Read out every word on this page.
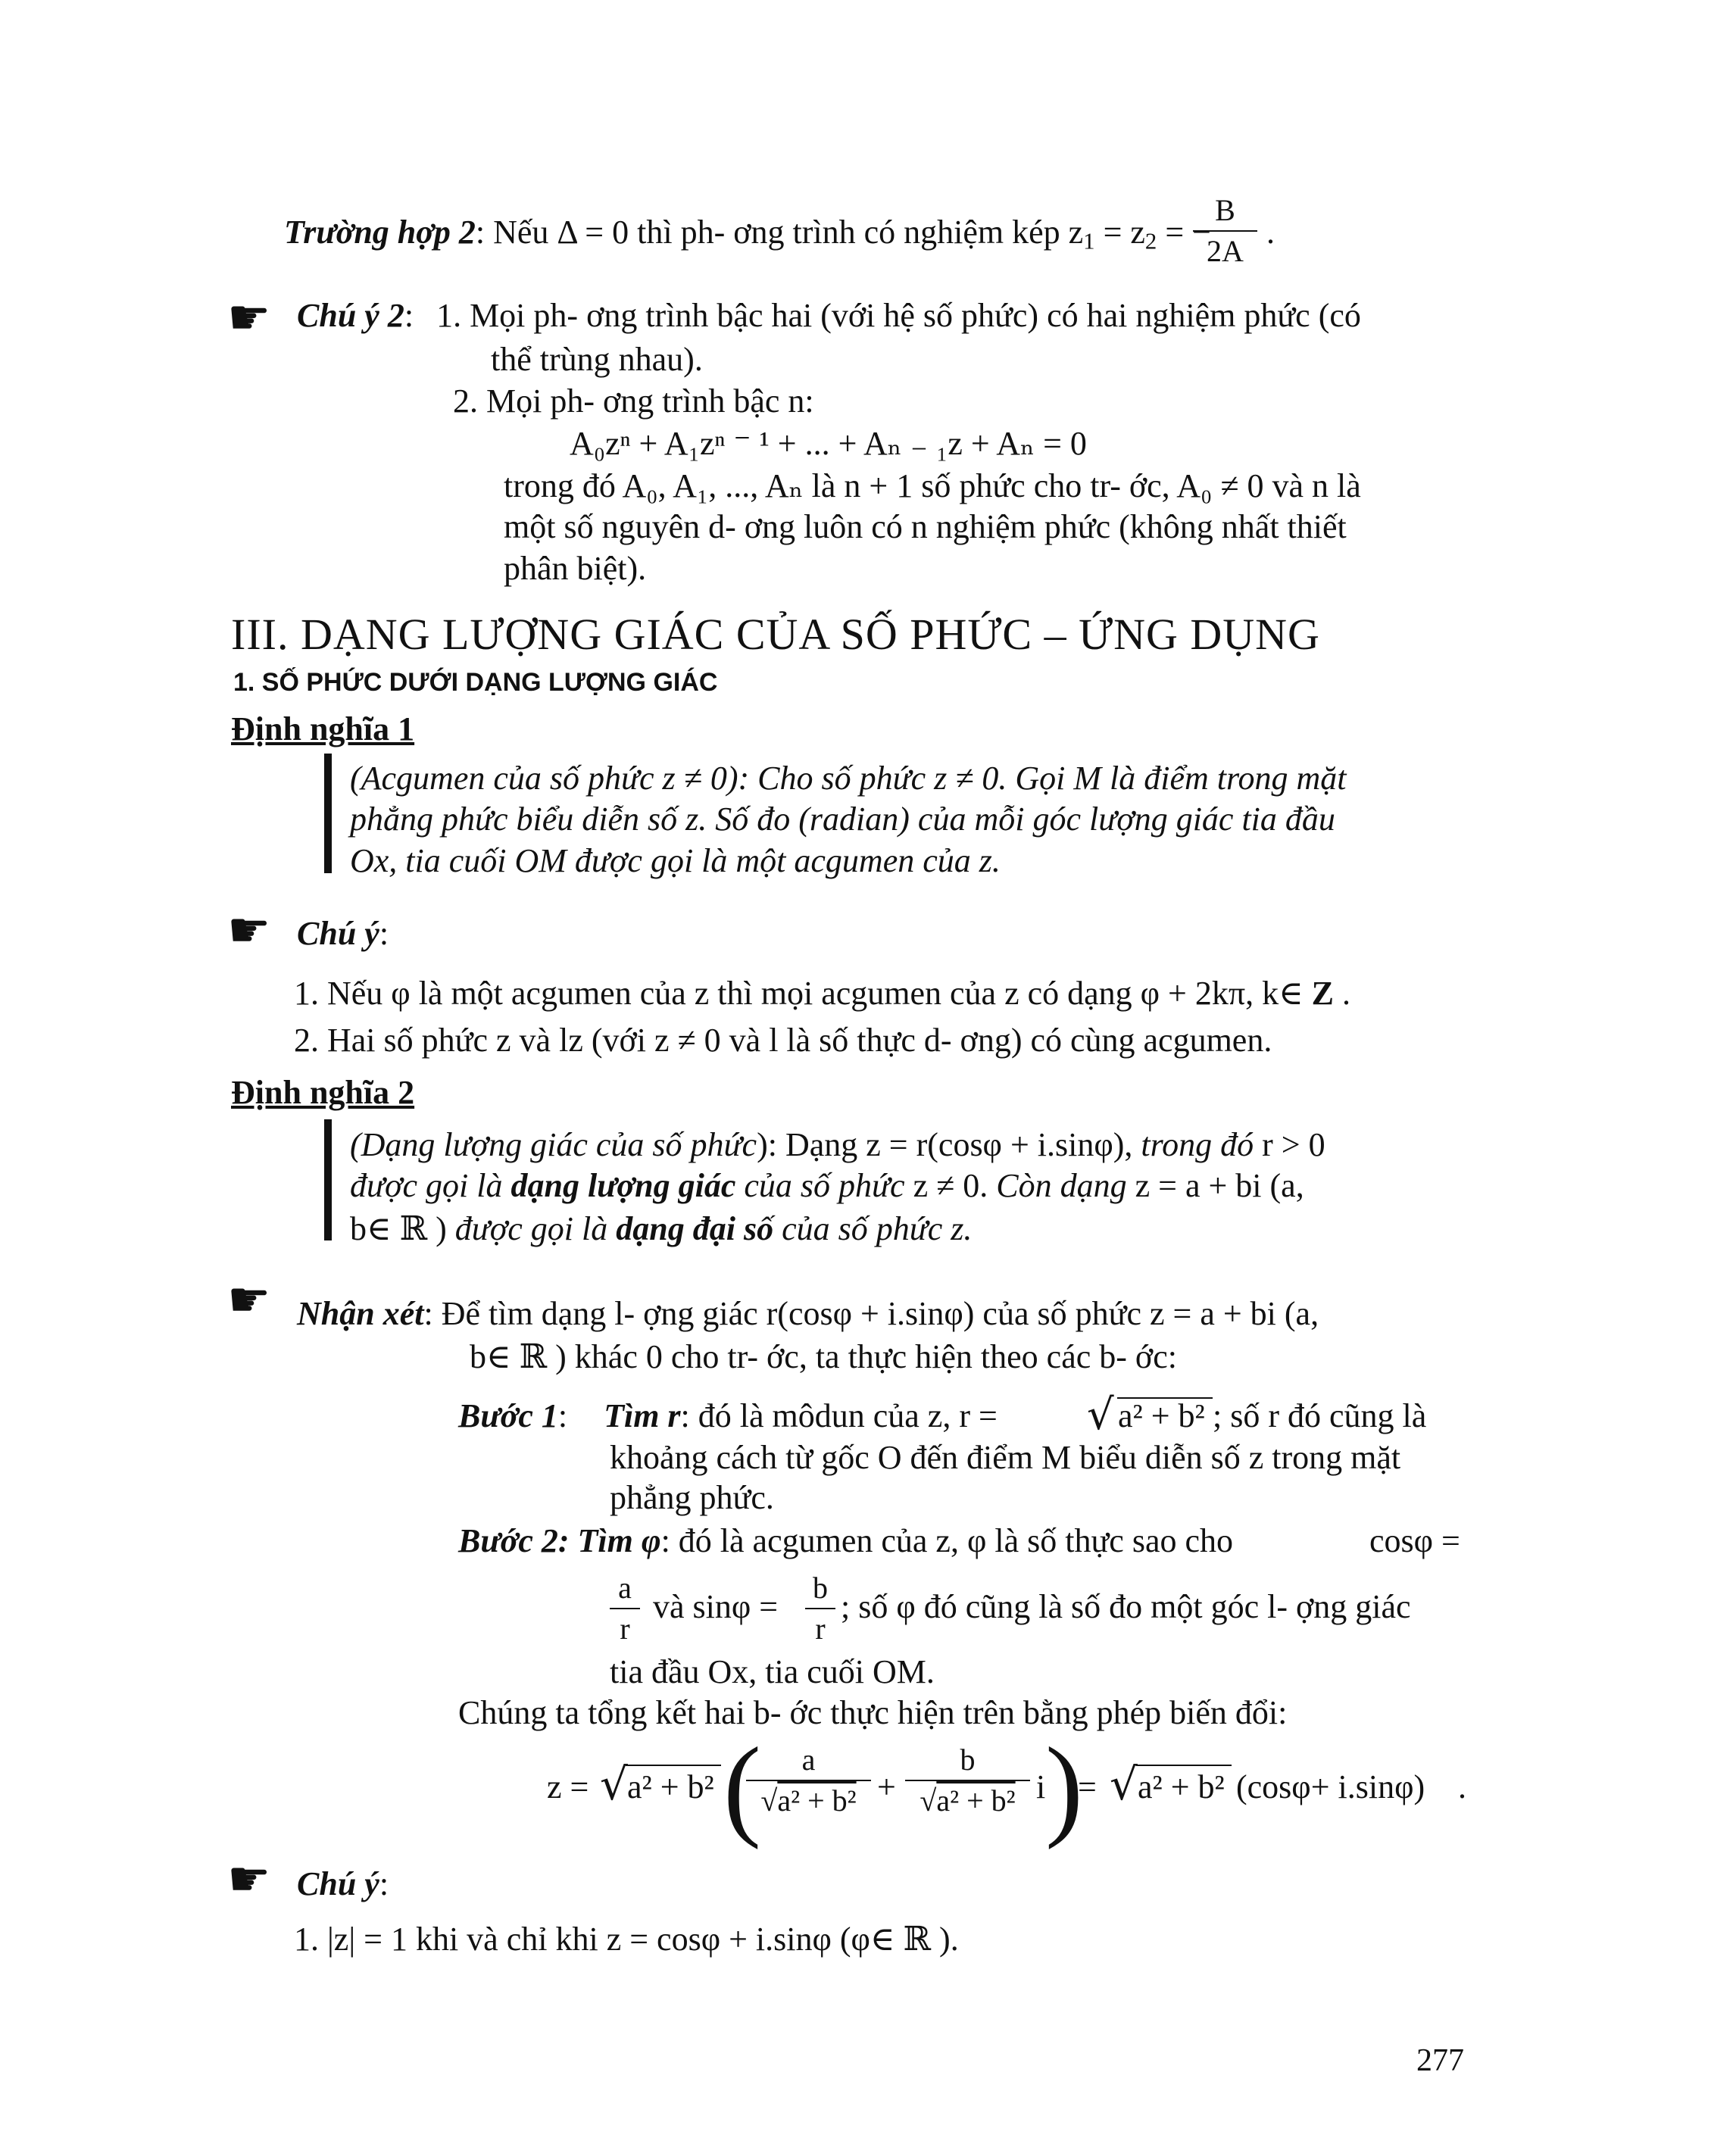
Trường hợp 2: Nếu Δ = 0 thì ph- ơng trình có nghiệm kép $z_1 = z_2$ = −
B
2A
.
☛ Chú ý 2: 1. Mọi ph- ơng trình bậc hai (với hệ số phức) có hai nghiệm phức (có
thể trùng nhau).
2. Mọi ph- ơng trình bậc n:
A₀zⁿ + A₁zⁿ ⁻ ¹ + ... + Aₙ ₋ ₁z + Aₙ = 0
trong đó A₀, A₁, ..., Aₙ là n + 1 số phức cho tr- ớc, A₀ ≠ 0 và n là
một số nguyên d- ơng luôn có n nghiệm phức (không nhất thiết
phân biệt).
III. DẠNG LƯỢNG GIÁC CỦA SỐ PHỨC – ỨNG DỤNG
1. SỐ PHỨC DƯỚI DẠNG LƯỢNG GIÁC
Định nghĩa 1
(Acgumen của số phức z ≠ 0): Cho số phức z ≠ 0. Gọi M là điểm trong mặt
phẳng phức biểu diễn số z. Số đo (radian) của mỗi góc lượng giác tia đầu
Ox, tia cuối OM được gọi là một acgumen của z.
☛ Chú ý:
1. Nếu φ là một acgumen của z thì mọi acgumen của z có dạng φ + 2kπ, k∈ Z .
2. Hai số phức z và lz (với z ≠ 0 và l là số thực d- ơng) có cùng acgumen.
Định nghĩa 2
(Dạng lượng giác của số phức): Dạng z = r(cosφ + i.sinφ), trong đó r > 0
được gọi là dạng lượng giác của số phức z ≠ 0. Còn dạng z = a + bi (a,
b∈ ℝ ) được gọi là dạng đại số của số phức z.
☛ Nhận xét: Để tìm dạng l- ợng giác r(cosφ + i.sinφ) của số phức z = a + bi (a,
b∈ ℝ ) khác 0 cho tr- ớc, ta thực hiện theo các b- ớc:
Bước 1: Tìm r: đó là môdun của z, r = √ a² + b² ; số r đó cũng là
khoảng cách từ gốc O đến điểm M biểu diễn số z trong mặt
phẳng phức.
Bước 2: Tìm φ: đó là acgumen của z, φ là số thực sao cho	cosφ =
a
r
và sinφ =
b
r
; số φ đó cũng là số đo một góc l- ợng giác
tia đầu Ox, tia cuối OM.
Chúng ta tổng kết hai b- ớc thực hiện trên bằng phép biến đổi:
z = √ a² + b² (	a
√a² + b² +
b
√a² + b² i )
= √ a² + b² (cosφ+ i.sinφ) .
☛ Chú ý:
1. |z| = 1 khi và chỉ khi z = cosφ + i.sinφ (φ∈ ℝ ).
277
